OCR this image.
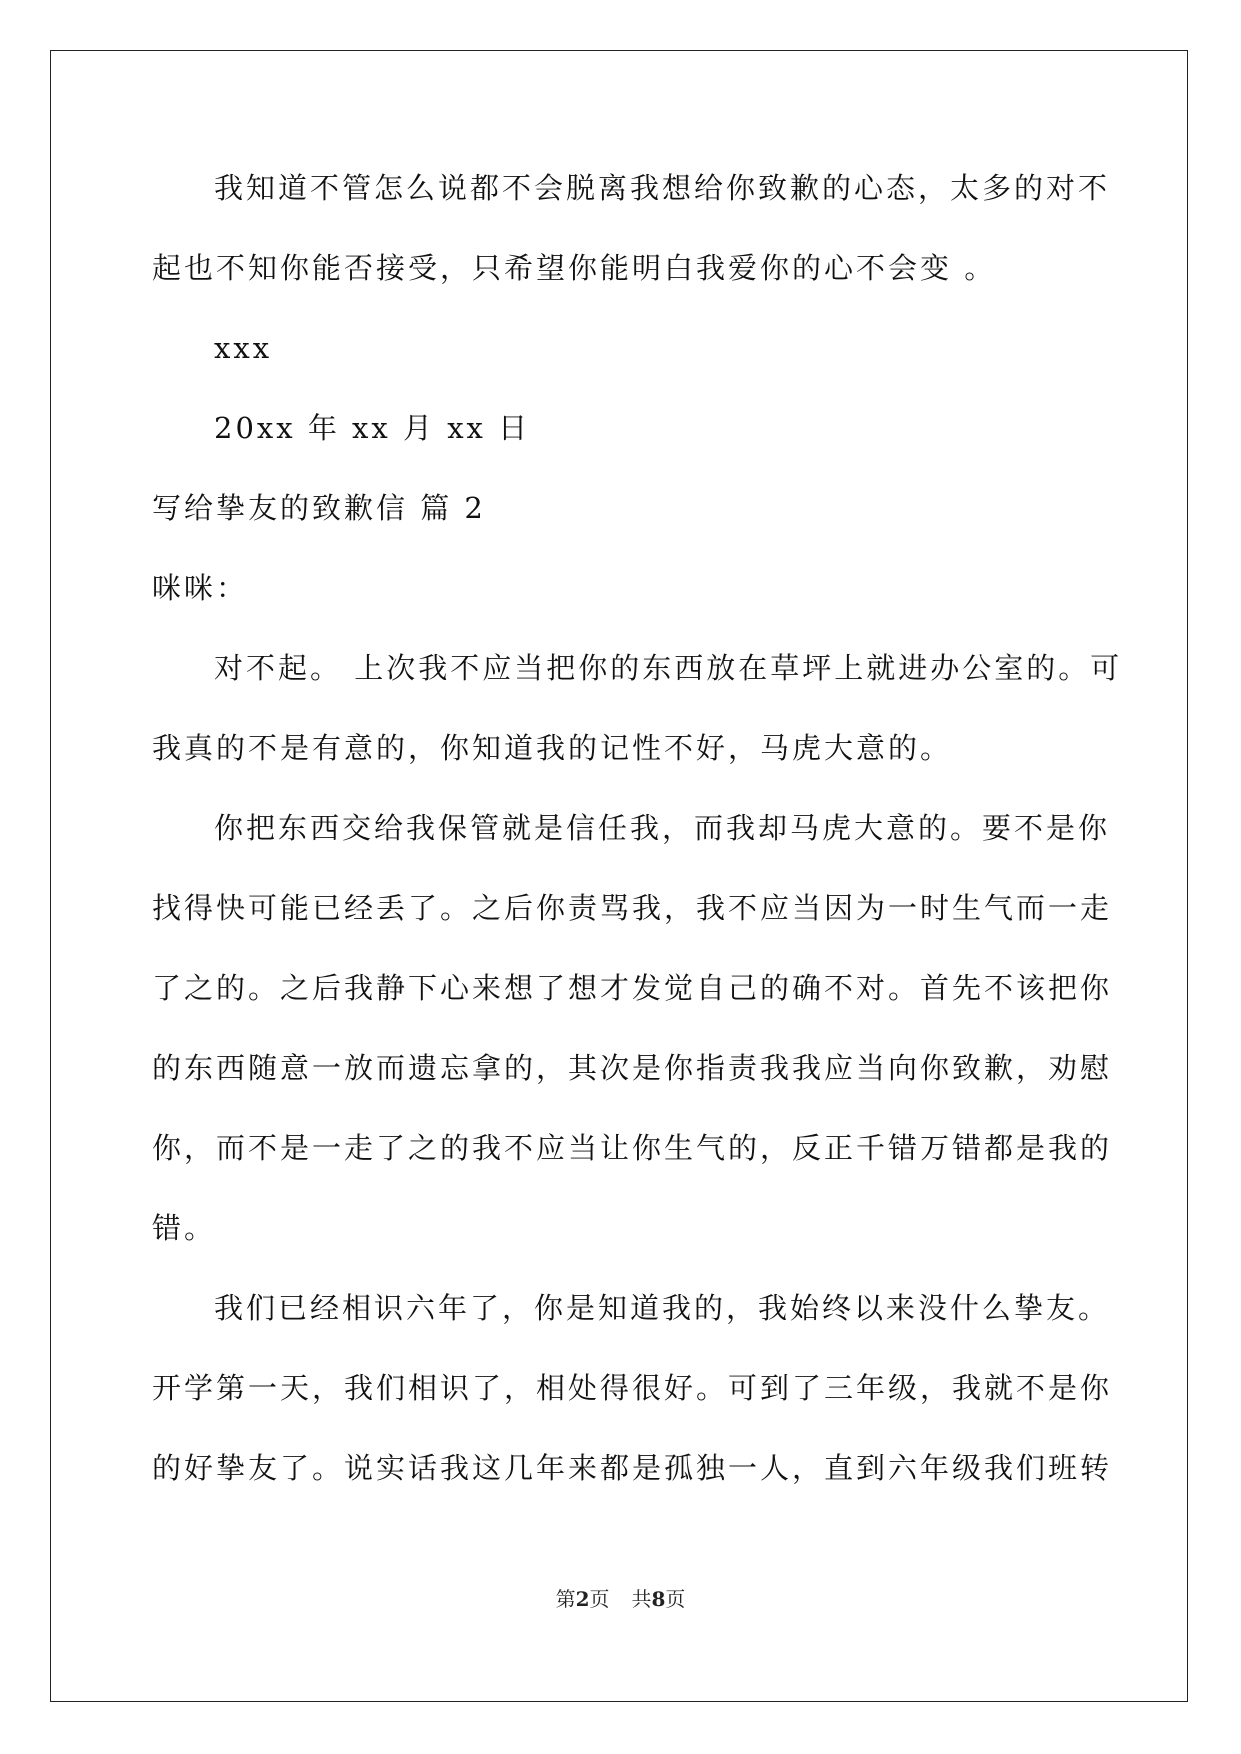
我知道不管怎么说都不会脱离我想给你致歉的心态，太多的对不
起也不知你能否接受，只希望你能明白我爱你的心不会变 。
xxx
20xx 年 xx 月 xx 日
写给挚友的致歉信 篇 2
咪咪：
对不起。 上次我不应当把你的东西放在草坪上就进办公室的。可
我真的不是有意的，你知道我的记性不好，马虎大意的。
你把东西交给我保管就是信任我，而我却马虎大意的。要不是你
找得快可能已经丢了。之后你责骂我，我不应当因为一时生气而一走
了之的。之后我静下心来想了想才发觉自己的确不对。首先不该把你
的东西随意一放而遗忘拿的，其次是你指责我我应当向你致歉，劝慰
你，而不是一走了之的我不应当让你生气的，反正千错万错都是我的
错。
我们已经相识六年了，你是知道我的，我始终以来没什么挚友。
开学第一天，我们相识了，相处得很好。可到了三年级，我就不是你
的好挚友了。说实话我这几年来都是孤独一人，直到六年级我们班转
第2页 共8页
